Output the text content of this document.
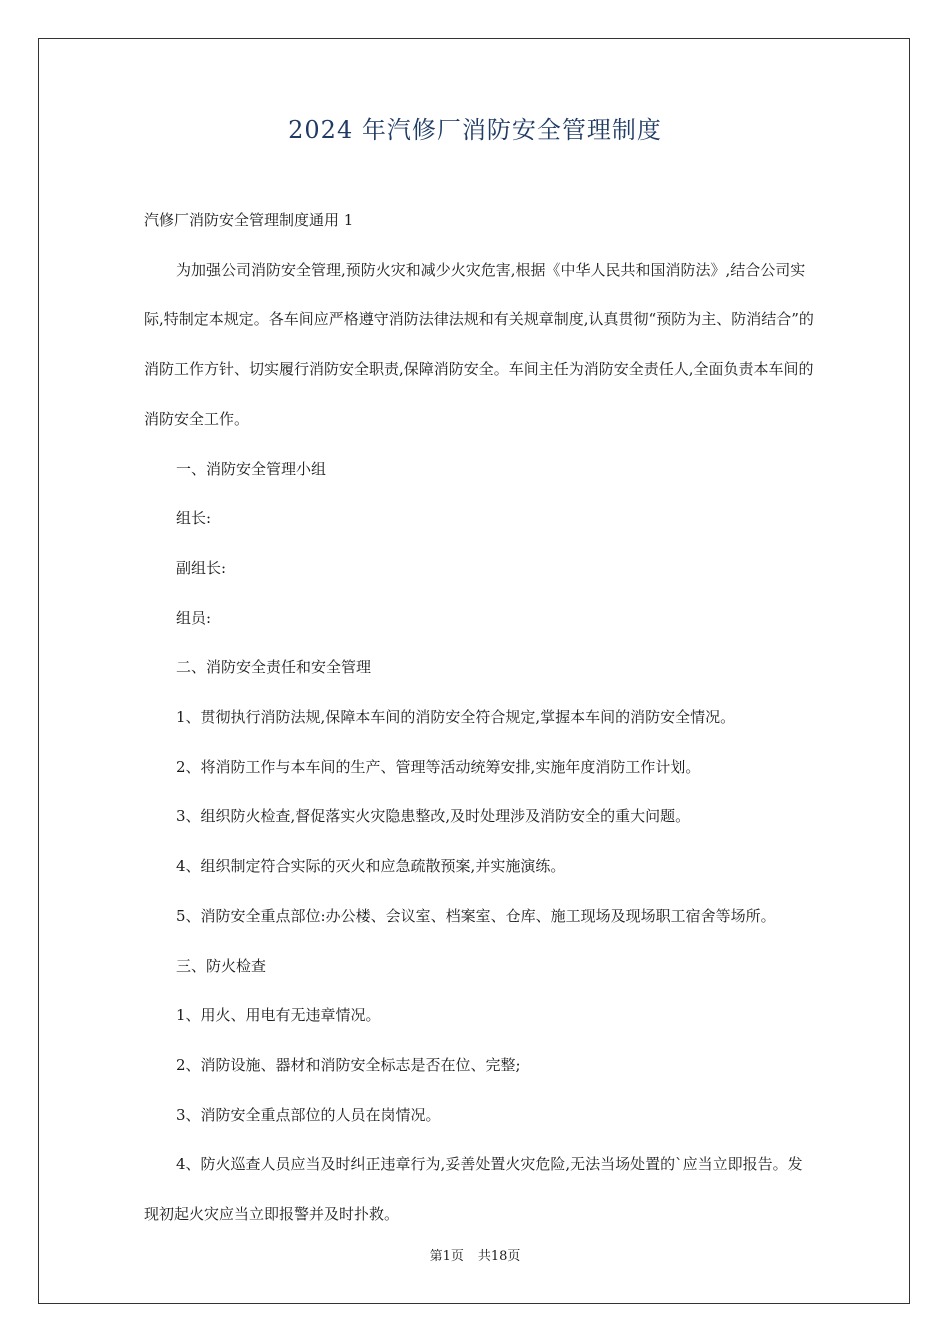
2024 年汽修厂消防安全管理制度

汽修厂消防安全管理制度通用 1

为加强公司消防安全管理,预防火灾和减少火灾危害,根据《中华人民共和国消防法》,结合公司实际,特制定本规定。各车间应严格遵守消防法律法规和有关规章制度,认真贯彻“预防为主、防消结合”的消防工作方针、切实履行消防安全职责,保障消防安全。车间主任为消防安全责任人,全面负责本车间的消防安全工作。

一、消防安全管理小组

组长:

副组长:

组员:

二、消防安全责任和安全管理

1、贯彻执行消防法规,保障本车间的消防安全符合规定,掌握本车间的消防安全情况。

2、将消防工作与本车间的生产、管理等活动统筹安排,实施年度消防工作计划。

3、组织防火检查,督促落实火灾隐患整改,及时处理涉及消防安全的重大问题。

4、组织制定符合实际的灭火和应急疏散预案,并实施演练。

5、消防安全重点部位:办公楼、会议室、档案室、仓库、施工现场及现场职工宿舍等场所。

三、防火检查

1、用火、用电有无违章情况。

2、消防设施、器材和消防安全标志是否在位、完整;

3、消防安全重点部位的人员在岗情况。

4、防火巡查人员应当及时纠正违章行为,妥善处置火灾危险,无法当场处置的`应当立即报告。发现初起火灾应当立即报警并及时扑救。

第1页 共18页
